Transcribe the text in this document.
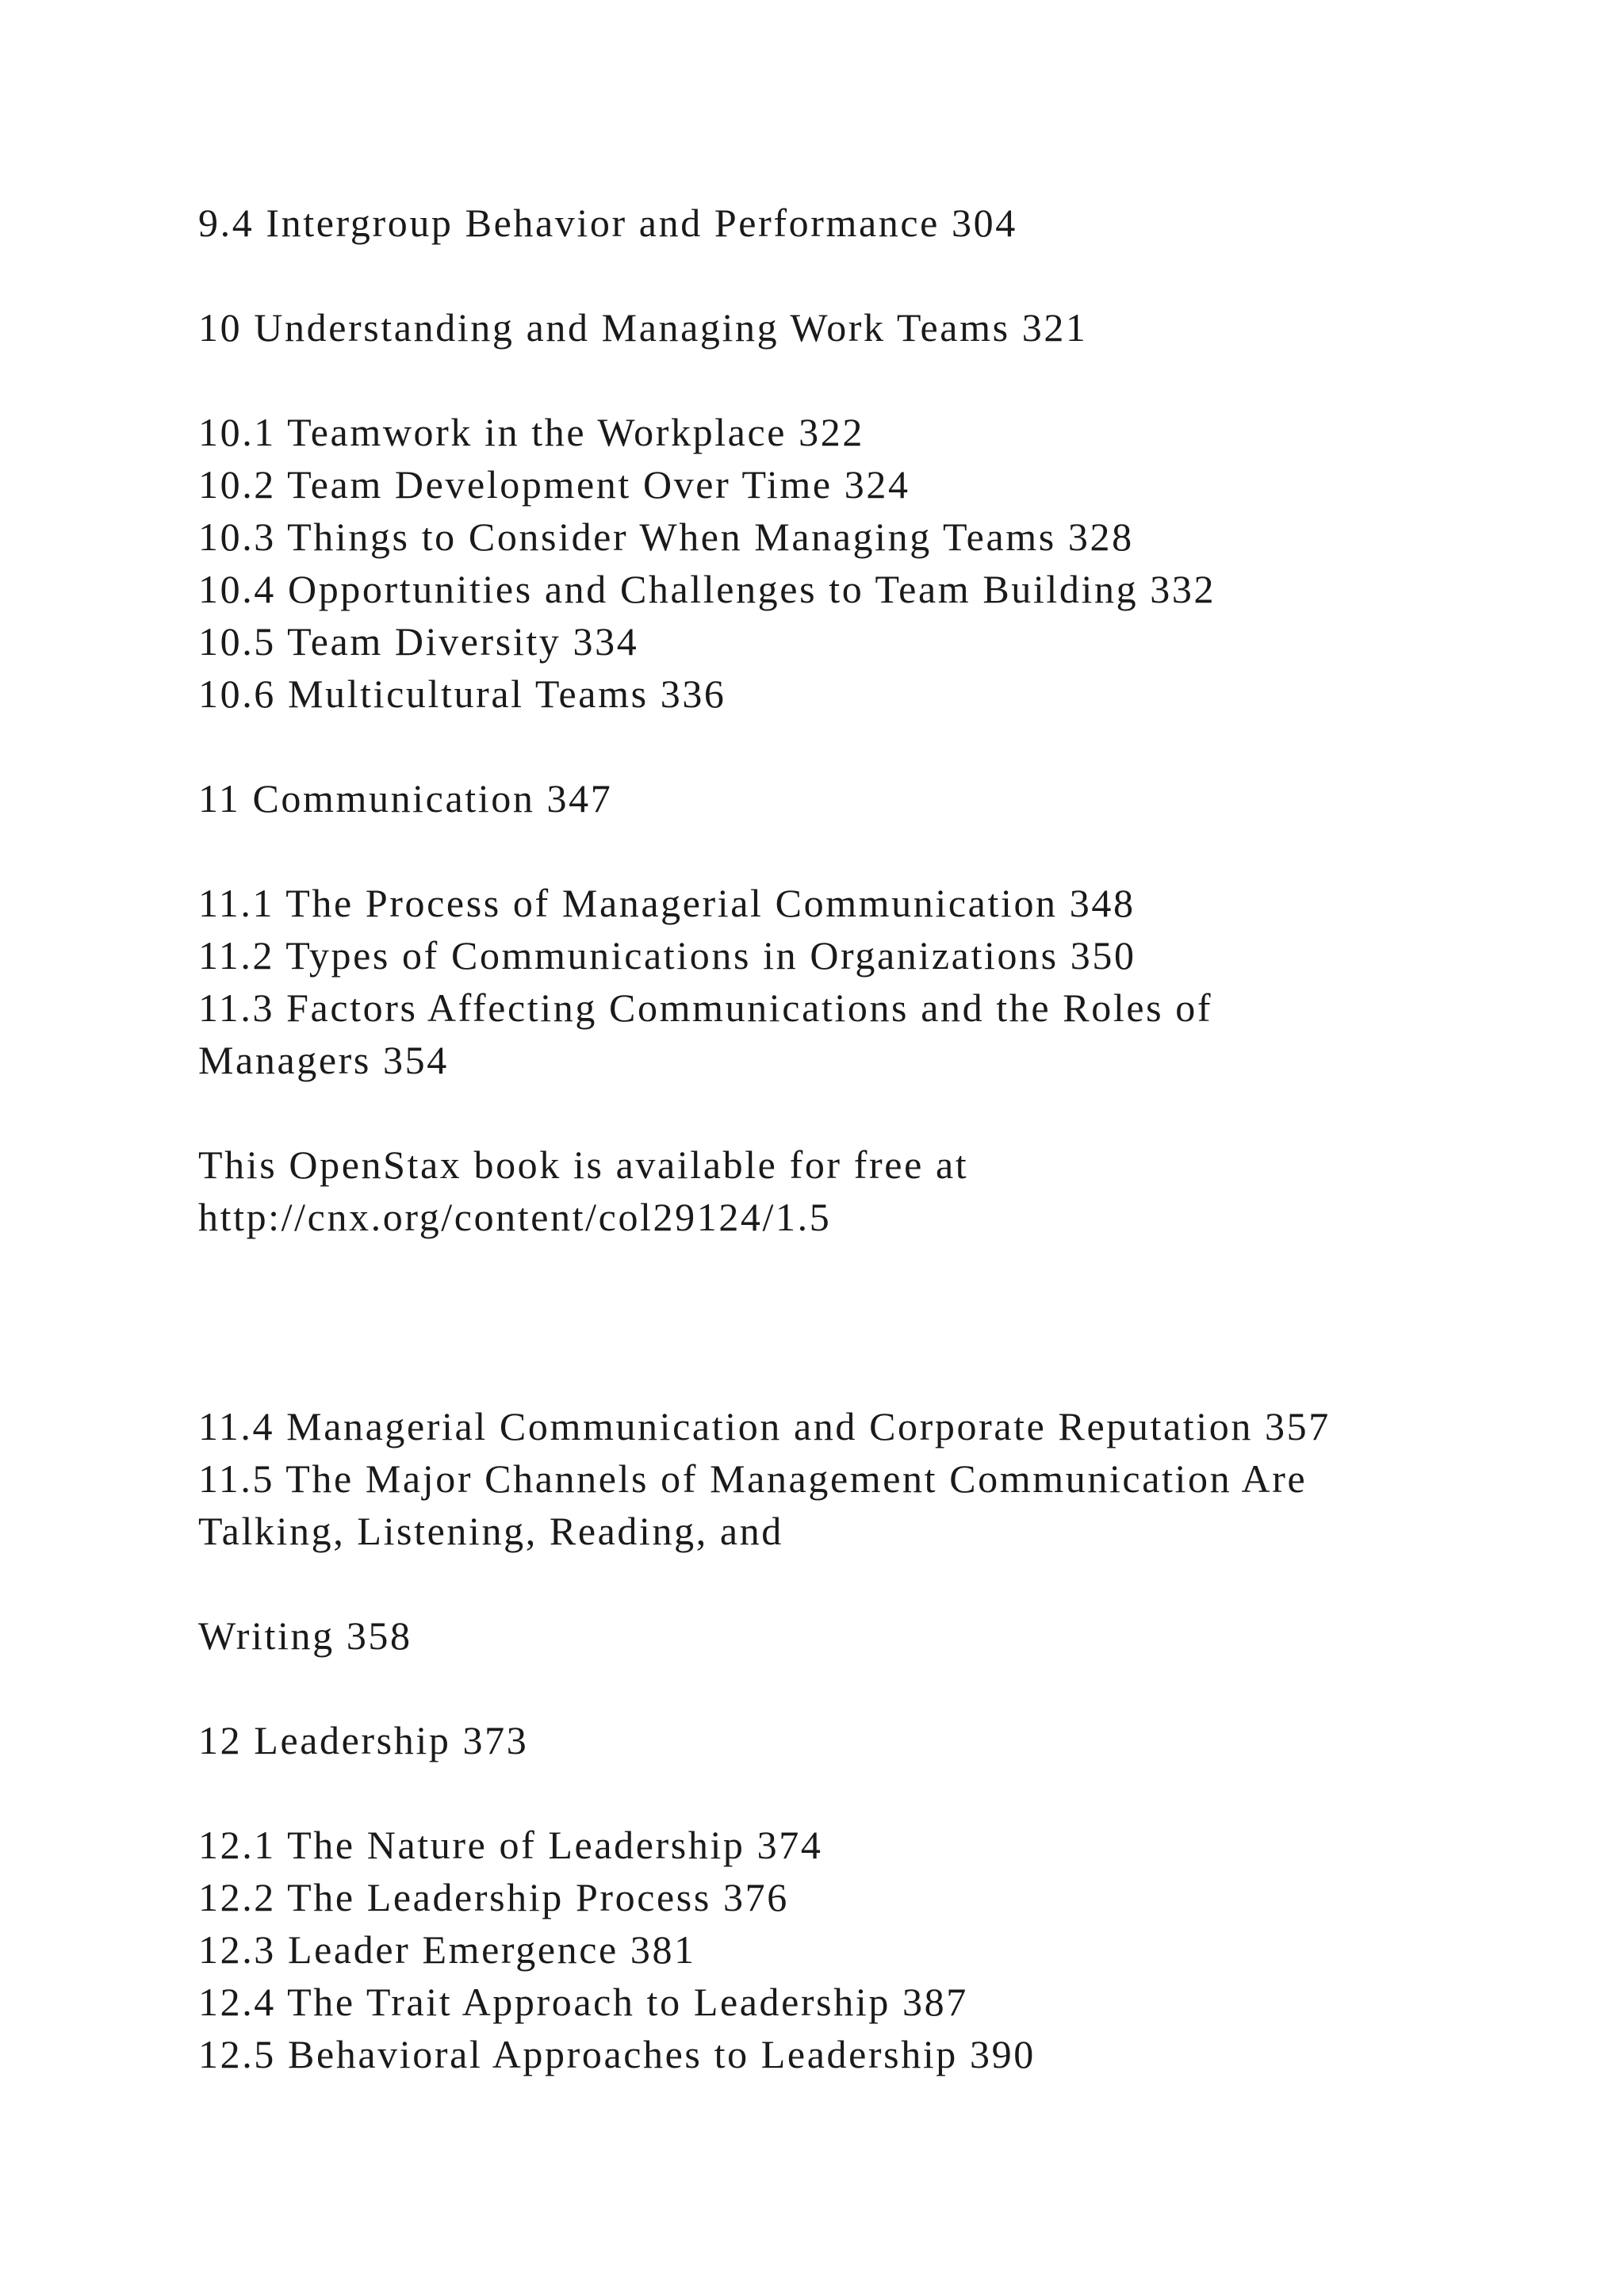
9.4 Intergroup Behavior and Performance 304

10 Understanding and Managing Work Teams 321

10.1 Teamwork in the Workplace 322

10.2 Team Development Over Time 324

10.3 Things to Consider When Managing Teams 328

10.4 Opportunities and Challenges to Team Building 332

10.5 Team Diversity 334

10.6 Multicultural Teams 336

11 Communication 347

11.1 The Process of Managerial Communication 348

11.2 Types of Communications in Organizations 350

11.3 Factors Affecting Communications and the Roles of

Managers 354

This OpenStax book is available for free at

http://cnx.org/content/col29124/1.5

11.4 Managerial Communication and Corporate Reputation 357

11.5 The Major Channels of Management Communication Are

Talking, Listening, Reading, and

Writing 358

12 Leadership 373

12.1 The Nature of Leadership 374

12.2 The Leadership Process 376

12.3 Leader Emergence 381

12.4 The Trait Approach to Leadership 387

12.5 Behavioral Approaches to Leadership 390
